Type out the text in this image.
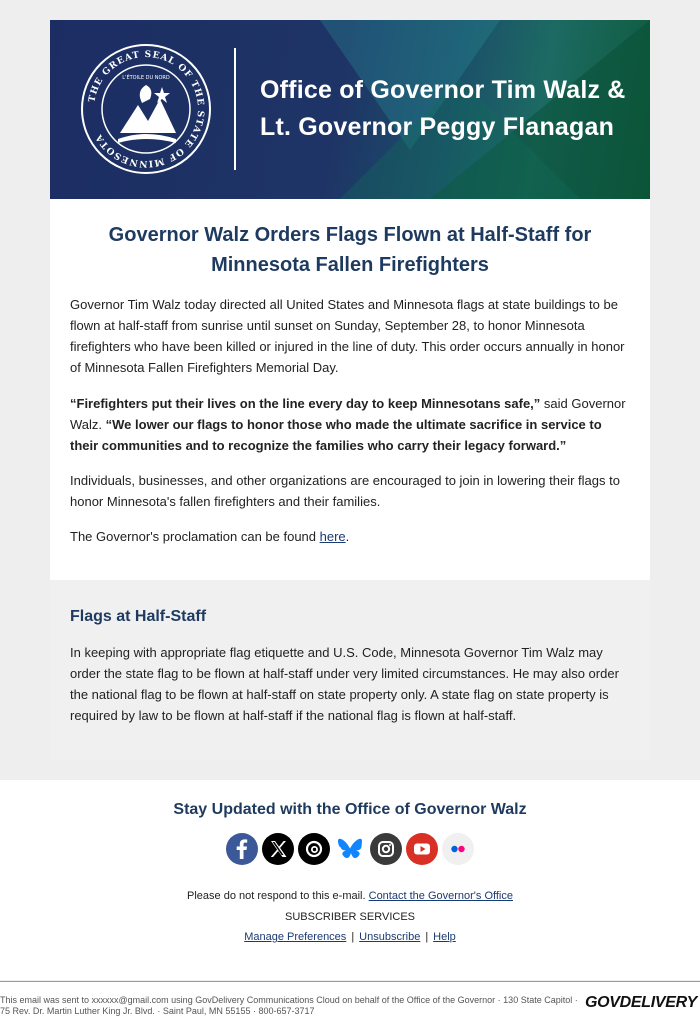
THE GREAT SEAL OF THE STATE OF MINNESOTA
L'ÉTOILE DU NORD	Office of Governor Tim Walz &
Lt. Governor Peggy Flanagan
Governor Walz Orders Flags Flown at Half-Staff for Minnesota Fallen Firefighters

Governor Tim Walz today directed all United States and Minnesota flags at state buildings to be flown at half-staff from sunrise until sunset on Sunday, September 28, to honor Minnesota firefighters who have been killed or injured in the line of duty. This order occurs annually in honor of Minnesota Fallen Firefighters Memorial Day.

“Firefighters put their lives on the line every day to keep Minnesotans safe,” said Governor Walz. “We lower our flags to honor those who made the ultimate sacrifice in service to their communities and to recognize the families who carry their legacy forward.”

Individuals, businesses, and other organizations are encouraged to join in lowering their flags to honor Minnesota's fallen firefighters and their families.

The Governor's proclamation can be found here.

Flags at Half-Staff

In keeping with appropriate flag etiquette and U.S. Code, Minnesota Governor Tim Walz may order the state flag to be flown at half-staff under very limited circumstances. He may also order the national flag to be flown at half-staff on state property only. A state flag on state property is required by law to be flown at half-staff if the national flag is flown at half-staff.

Stay Updated with the Office of Governor Walz
Please do not respond to this e-mail. Contact the Governor's Office
SUBSCRIBER SERVICES
Manage Preferences | Unsubscribe | Help
This email was sent to xxxxxx@gmail.com using GovDelivery Communications Cloud on behalf of the Office of the Governor · 130 State Capitol · 75 Rev. Dr. Martin Luther King Jr. Blvd. · Saint Paul, MN 55155 · 800-657-3717	GOVDELIVERY
